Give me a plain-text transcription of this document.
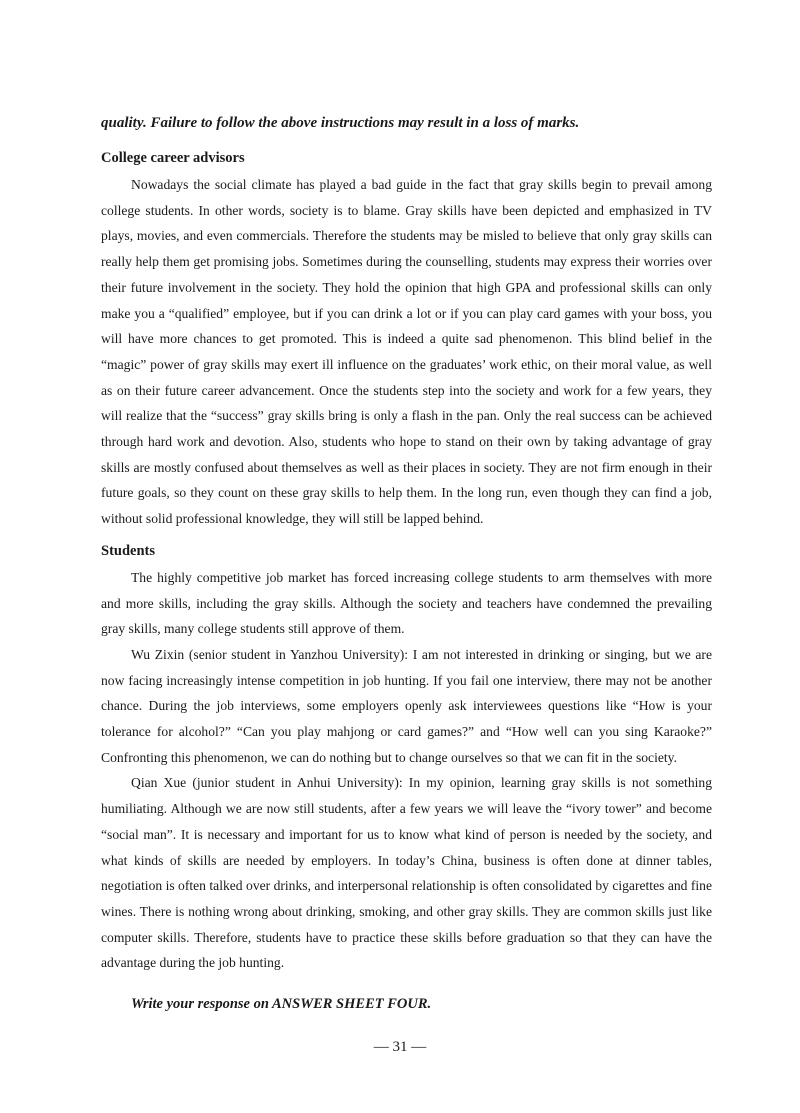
quality. Failure to follow the above instructions may result in a loss of marks.

College career advisors

Nowadays the social climate has played a bad guide in the fact that gray skills begin to prevail among college students. In other words, society is to blame. Gray skills have been depicted and emphasized in TV plays, movies, and even commercials. Therefore the students may be misled to believe that only gray skills can really help them get promising jobs. Sometimes during the counselling, students may express their worries over their future involvement in the society. They hold the opinion that high GPA and professional skills can only make you a “qualified” employee, but if you can drink a lot or if you can play card games with your boss, you will have more chances to get promoted. This is indeed a quite sad phenomenon. This blind belief in the “magic” power of gray skills may exert ill influence on the graduates’ work ethic, on their moral value, as well as on their future career advancement. Once the students step into the society and work for a few years, they will realize that the “success” gray skills bring is only a flash in the pan. Only the real success can be achieved through hard work and devotion. Also, students who hope to stand on their own by taking advantage of gray skills are mostly confused about themselves as well as their places in society. They are not firm enough in their future goals, so they count on these gray skills to help them. In the long run, even though they can find a job, without solid professional knowledge, they will still be lapped behind.

Students

The highly competitive job market has forced increasing college students to arm themselves with more and more skills, including the gray skills. Although the society and teachers have condemned the prevailing gray skills, many college students still approve of them.

Wu Zixin (senior student in Yanzhou University): I am not interested in drinking or singing, but we are now facing increasingly intense competition in job hunting. If you fail one interview, there may not be another chance. During the job interviews, some employers openly ask interviewees questions like “How is your tolerance for alcohol?” “Can you play mahjong or card games?” and “How well can you sing Karaoke?” Confronting this phenomenon, we can do nothing but to change ourselves so that we can fit in the society.

Qian Xue (junior student in Anhui University): In my opinion, learning gray skills is not something humiliating. Although we are now still students, after a few years we will leave the “ivory tower” and become “social man”. It is necessary and important for us to know what kind of person is needed by the society, and what kinds of skills are needed by employers. In today’s China, business is often done at dinner tables, negotiation is often talked over drinks, and interpersonal relationship is often consolidated by cigarettes and fine wines. There is nothing wrong about drinking, smoking, and other gray skills. They are common skills just like computer skills. Therefore, students have to practice these skills before graduation so that they can have the advantage during the job hunting.

Write your response on ANSWER SHEET FOUR.

— 31 —
